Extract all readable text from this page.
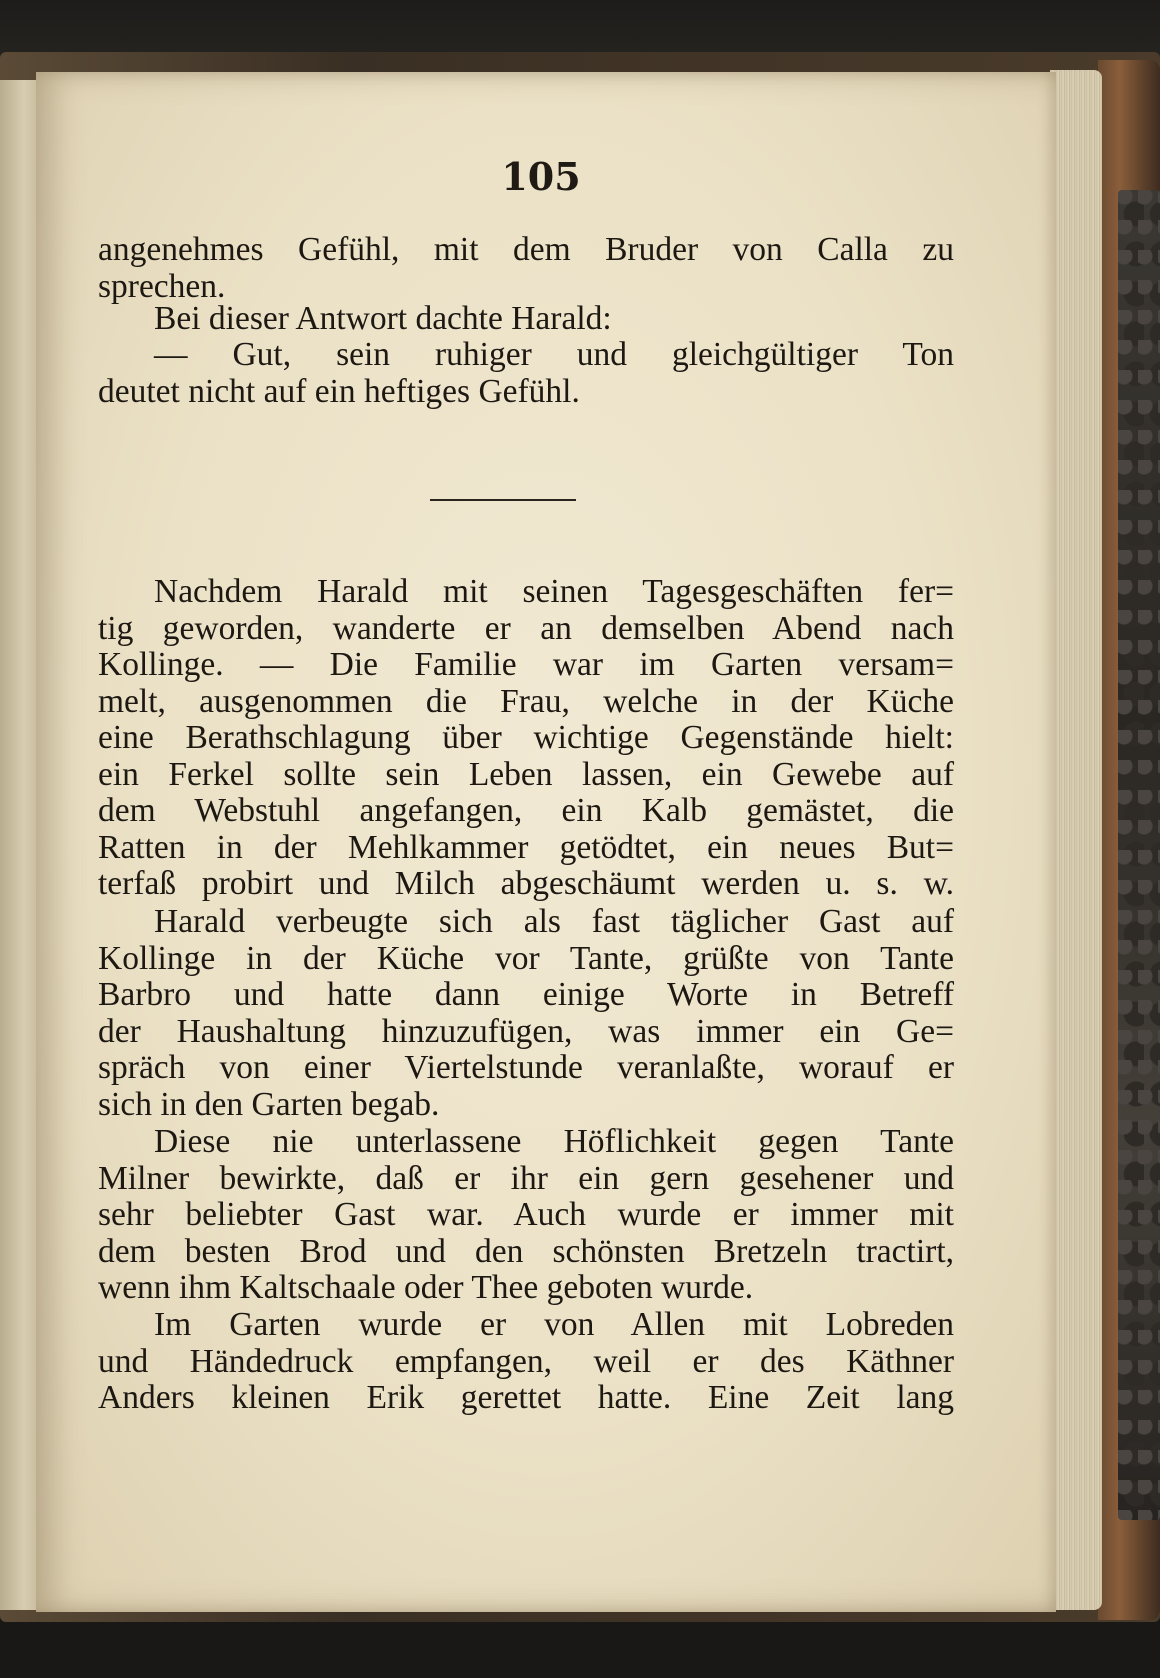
105
angenehmes Gefühl, mit dem Bruder von Calla zu
sprechen.
Bei dieser Antwort dachte Harald:
— Gut, sein ruhiger und gleichgültiger Ton
deutet nicht auf ein heftiges Gefühl.
Nachdem Harald mit seinen Tagesgeschäften fer=
tig geworden, wanderte er an demselben Abend nach
Kollinge. — Die Familie war im Garten versam=
melt, ausgenommen die Frau, welche in der Küche
eine Berathschlagung über wichtige Gegenstände hielt:
ein Ferkel sollte sein Leben lassen, ein Gewebe auf
dem Webstuhl angefangen, ein Kalb gemästet, die
Ratten in der Mehlkammer getödtet, ein neues But=
terfaß probirt und Milch abgeschäumt werden u. s. w.
Harald verbeugte sich als fast täglicher Gast auf
Kollinge in der Küche vor Tante, grüßte von Tante
Barbro und hatte dann einige Worte in Betreff
der Haushaltung hinzuzufügen, was immer ein Ge=
spräch von einer Viertelstunde veranlaßte, worauf er
sich in den Garten begab.
Diese nie unterlassene Höflichkeit gegen Tante
Milner bewirkte, daß er ihr ein gern gesehener und
sehr beliebter Gast war. Auch wurde er immer mit
dem besten Brod und den schönsten Bretzeln tractirt,
wenn ihm Kaltschaale oder Thee geboten wurde.
Im Garten wurde er von Allen mit Lobreden
und Händedruck empfangen, weil er des Käthner
Anders kleinen Erik gerettet hatte. Eine Zeit lang
